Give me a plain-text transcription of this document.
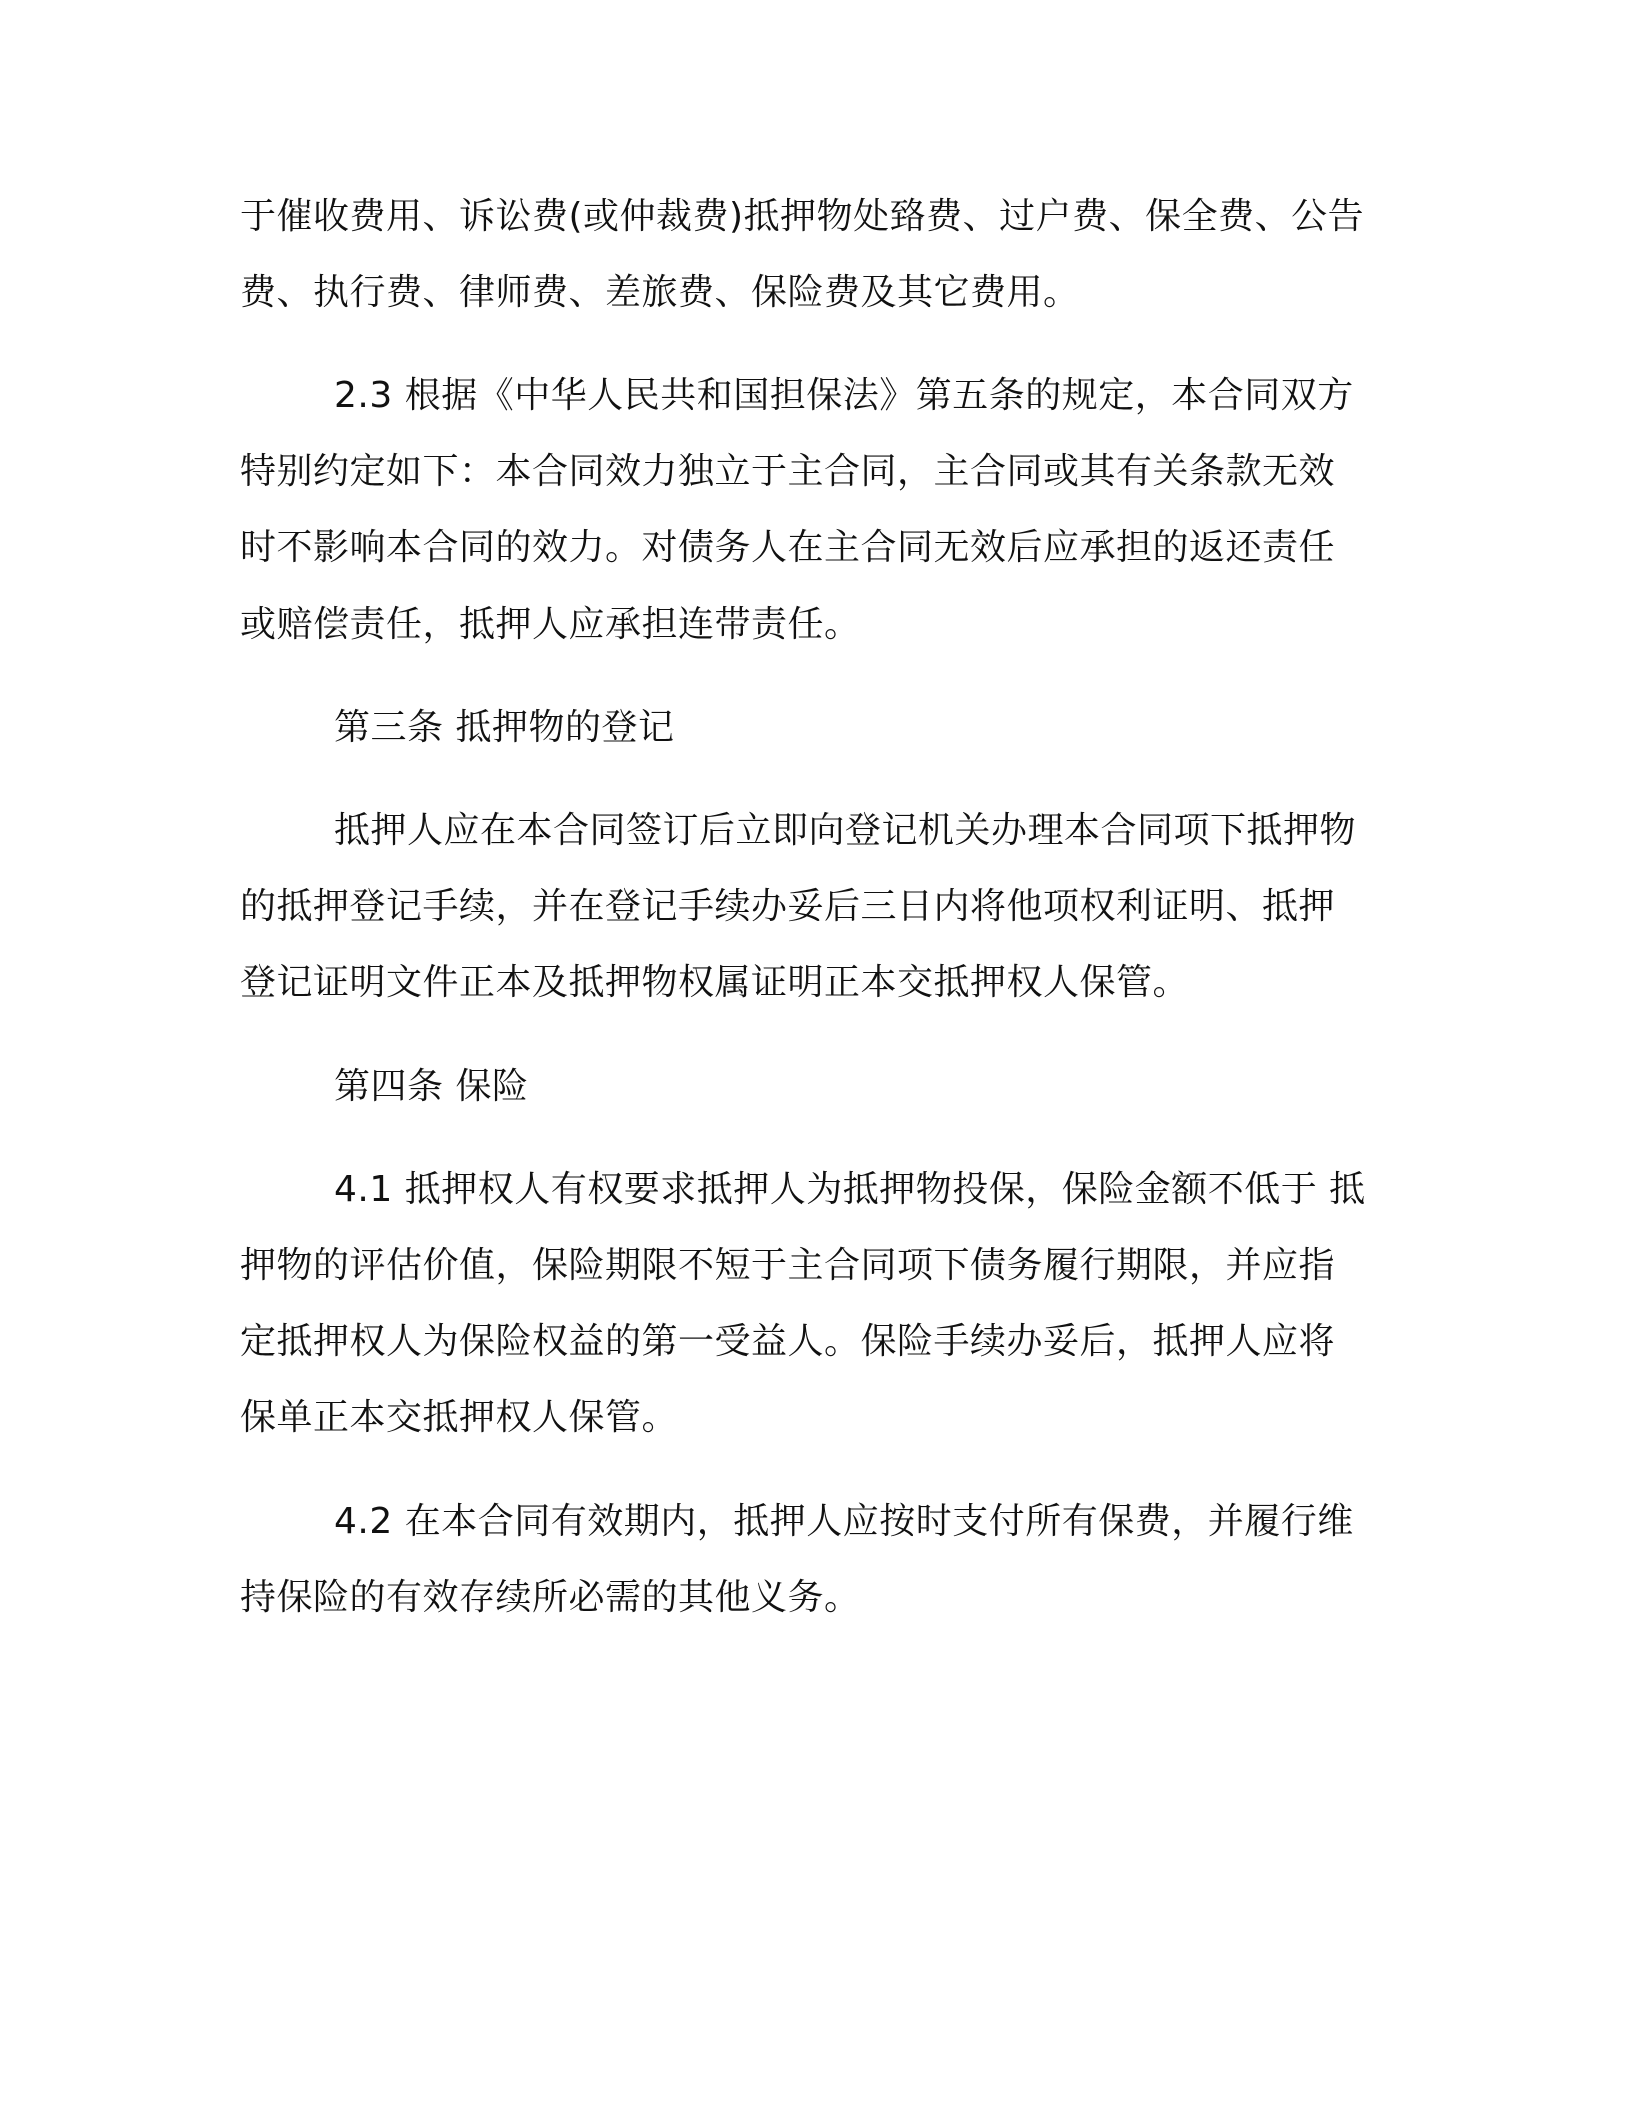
于催收费用、诉讼费(或仲裁费)抵押物处臵费、过户费、保全费、公告

费、执行费、律师费、差旅费、保险费及其它费用。

2.3 根据《中华人民共和国担保法》第五条的规定，本合同双方

特别约定如下：本合同效力独立于主合同，主合同或其有关条款无效

时不影响本合同的效力。对债务人在主合同无效后应承担的返还责任

或赔偿责任，抵押人应承担连带责任。

第三条 抵押物的登记

抵押人应在本合同签订后立即向登记机关办理本合同项下抵押物

的抵押登记手续，并在登记手续办妥后三日内将他项权利证明、抵押

登记证明文件正本及抵押物权属证明正本交抵押权人保管。

第四条 保险

4.1 抵押权人有权要求抵押人为抵押物投保，保险金额不低于 抵

押物的评估价值，保险期限不短于主合同项下债务履行期限，并应指

定抵押权人为保险权益的第一受益人。保险手续办妥后，抵押人应将

保单正本交抵押权人保管。

4.2 在本合同有效期内，抵押人应按时支付所有保费，并履行维

持保险的有效存续所必需的其他义务。
